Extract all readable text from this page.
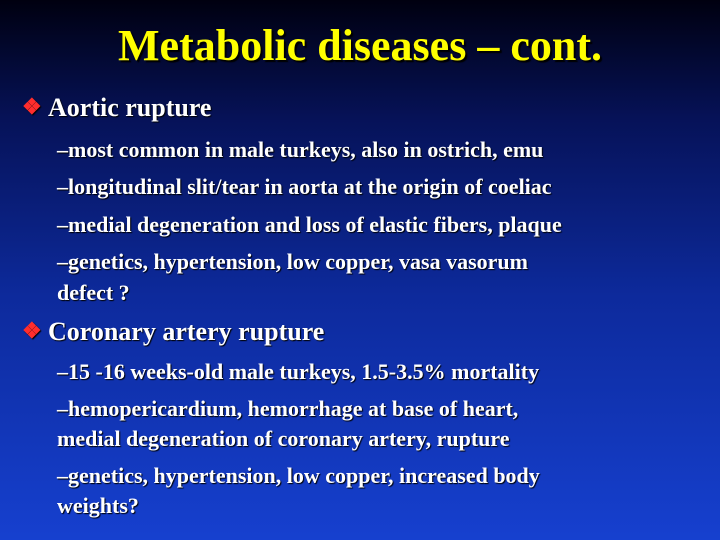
Metabolic diseases – cont.
❖ Aortic rupture
–most common in male turkeys, also in ostrich, emu
–longitudinal slit/tear in aorta at the origin of coeliac
–medial degeneration and loss of elastic fibers, plaque
–genetics, hypertension, low copper, vasa vasorum
defect ?
❖ Coronary artery rupture
–15 -16 weeks-old male turkeys, 1.5-3.5% mortality
–hemopericardium, hemorrhage at base of heart,
medial degeneration of coronary artery, rupture
–genetics, hypertension, low copper, increased body
weights?
